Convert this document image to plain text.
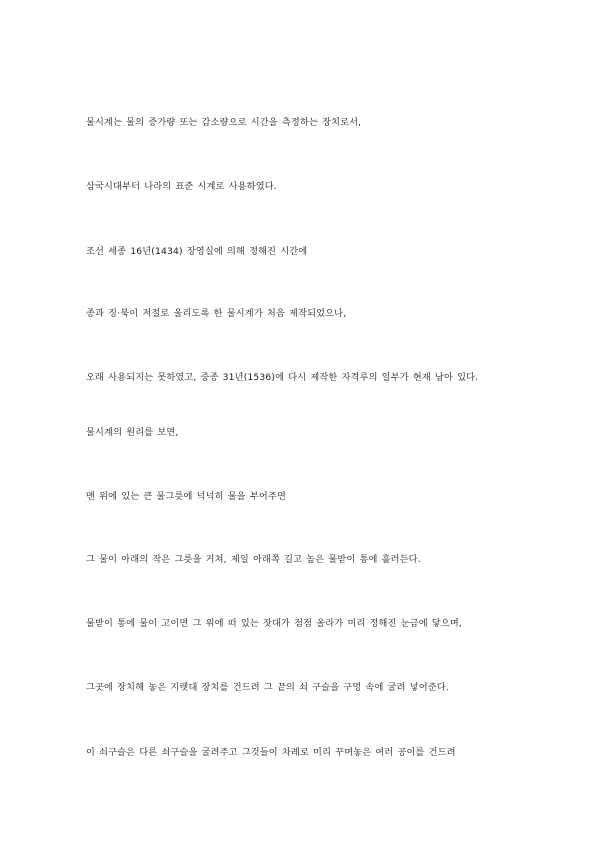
물시계는 물의 증가량 또는 감소량으로 시간을 측정하는 장치로서,

삼국시대부터 나라의 표준 시계로 사용하였다.

조선 세종 16년(1434) 장영실에 의해 정해진 시간에

종과 징·북이 저절로 울리도록 한 물시계가 처음 제작되었으나,

오래 사용되지는 못하였고, 중종 31년(1536)에 다시 제작한 자격루의 일부가 현재 남아 있다.

물시계의 원리를 보면,

맨 위에 있는 큰 물그릇에 넉넉히 물을 부어주면

그 물이 아래의 작은 그릇을 거쳐, 제일 아래쪽 길고 높은 물받이 통에 흘러든다.

물받이 통에 물이 고이면 그 위에 떠 있는 잣대가 점점 올라가 미리 정해진 눈금에 닿으며,

그곳에 장치해 놓은 지렛대 장치를 건드려 그 끝의 쇠 구슬을 구멍 속에 굴려 넣어준다.

이 쇠구슬은 다른 쇠구슬을 굴려주고 그것들이 차례로 미리 꾸며놓은 여러 공이를 건드려
